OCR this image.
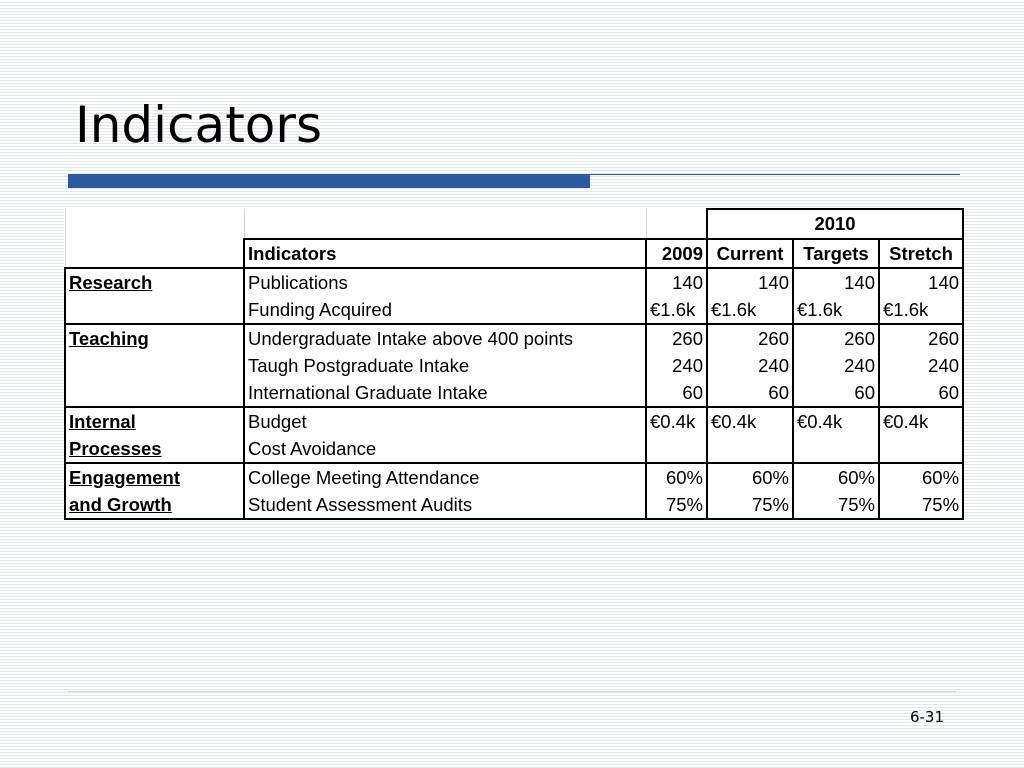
Indicators
			2010		
	Indicators	2009	Current	Targets	Stretch
Research	Publications	140	140	140	140
	Funding Acquired	€1.6k	€1.6k	€1.6k	€1.6k
Teaching	Undergraduate Intake above 400 points	260	260	260	260
	Taugh Postgraduate Intake	240	240	240	240
	International Graduate Intake	60	60	60	60
Internal	Budget	€0.4k	€0.4k	€0.4k	€0.4k
Processes	Cost Avoidance				
Engagement	College Meeting Attendance	60%	60%	60%	60%
and Growth	Student Assessment Audits	75%	75%	75%	75%
6-31
